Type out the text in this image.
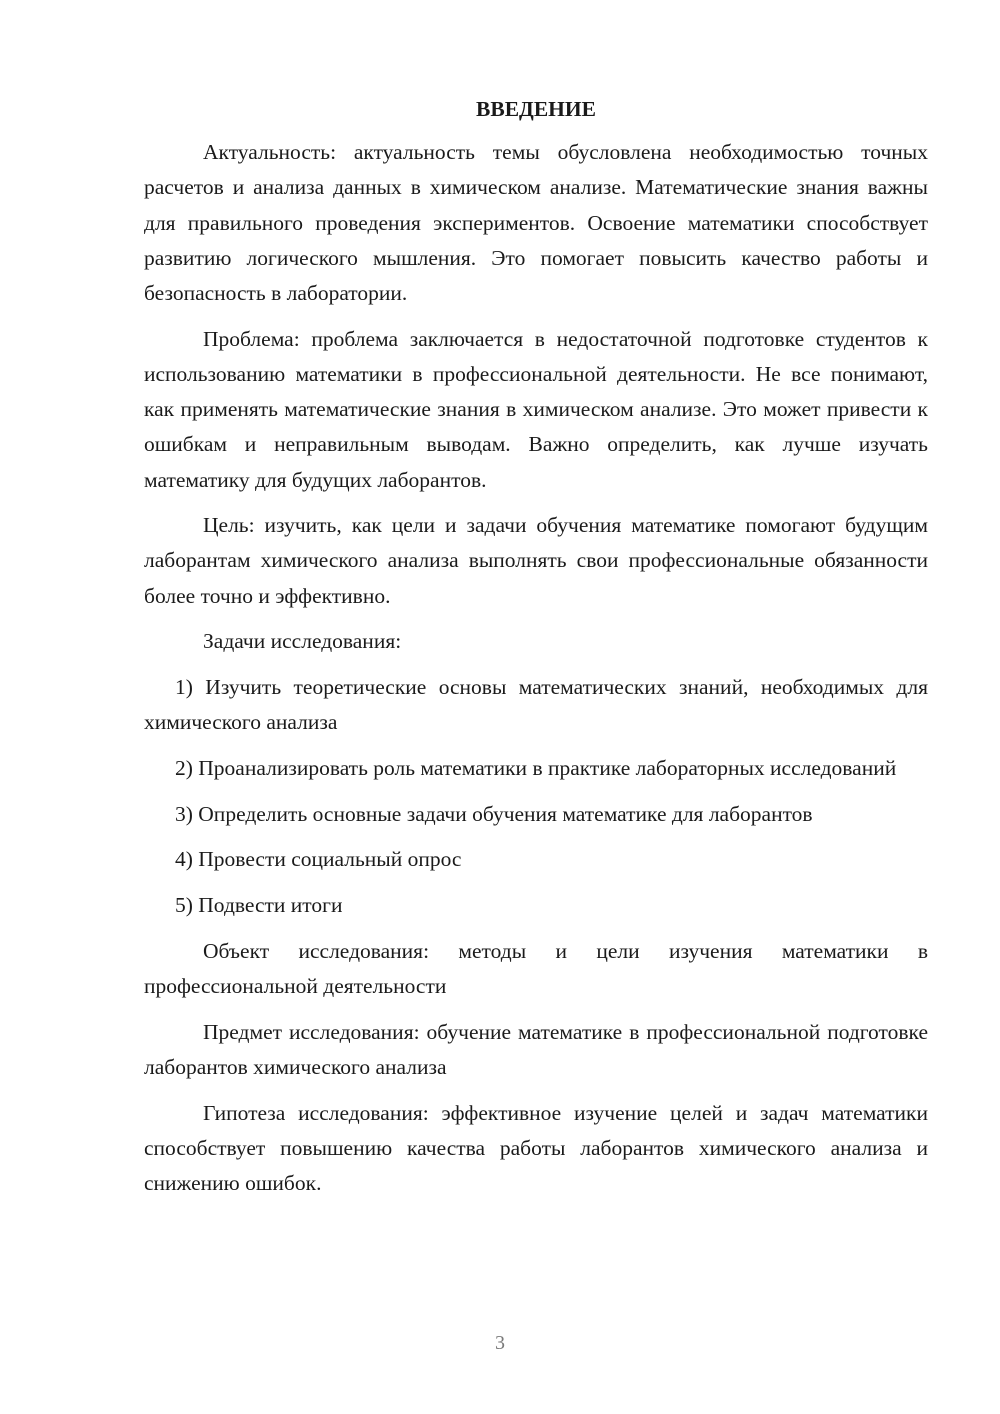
ВВЕДЕНИЕ

Актуальность: актуальность темы обусловлена необходимостью точных расчетов и анализа данных в химическом анализе. Математические знания важны для правильного проведения экспериментов. Освоение математики способствует развитию логического мышления. Это помогает повысить качество работы и безопасность в лаборатории.

Проблема: проблема заключается в недостаточной подготовке студентов к использованию математики в профессиональной деятельности. Не все понимают, как применять математические знания в химическом анализе. Это может привести к ошибкам и неправильным выводам. Важно определить, как лучше изучать математику для будущих лаборантов.

Цель: изучить, как цели и задачи обучения математике помогают будущим лаборантам химического анализа выполнять свои профессиональные обязанности более точно и эффективно.

Задачи исследования:

1) Изучить теоретические основы математических знаний, необходимых для химического анализа

2) Проанализировать роль математики в практике лабораторных исследований

3) Определить основные задачи обучения математике для лаборантов

4) Провести социальный опрос

5) Подвести итоги

Объект исследования: методы и цели изучения математики в профессиональной деятельности

Предмет исследования: обучение математике в профессиональной подготовке лаборантов химического анализа

Гипотеза исследования: эффективное изучение целей и задач математики способствует повышению качества работы лаборантов химического анализа и снижению ошибок.

3
